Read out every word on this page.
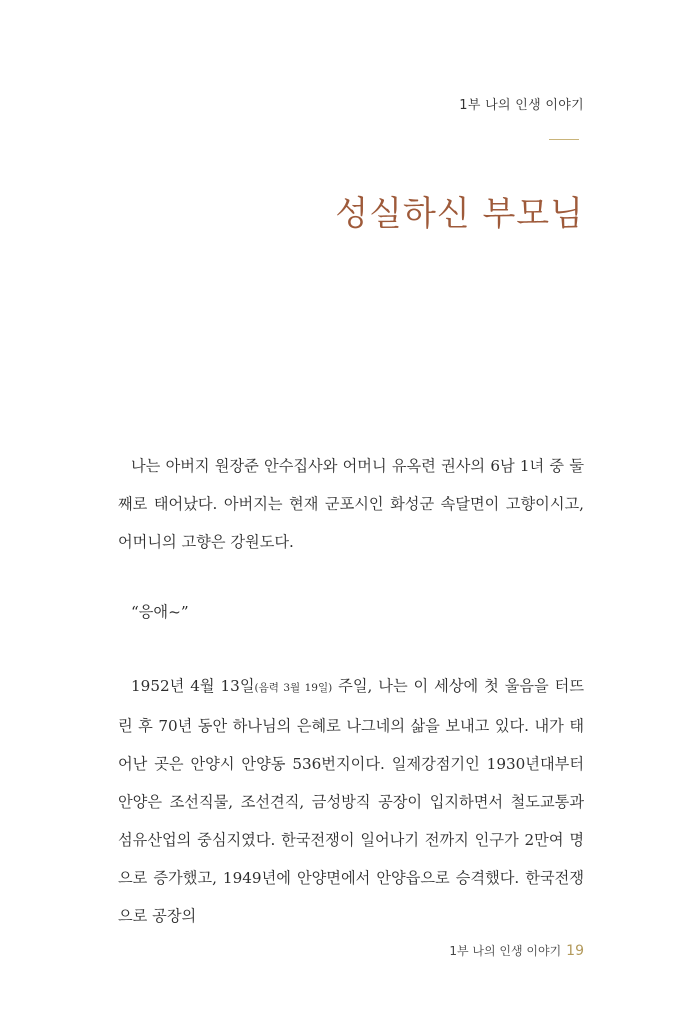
1부 나의 인생 이야기
성실하신 부모님

나는 아버지 원장준 안수집사와 어머니 유옥련 권사의 6남 1녀 중 둘째로 태어났다. 아버지는 현재 군포시인 화성군 속달면이 고향이시고, 어머니의 고향은 강원도다.

“응애~”

1952년 4월 13일(음력 3월 19일) 주일, 나는 이 세상에 첫 울음을 터뜨린 후 70년 동안 하나님의 은혜로 나그네의 삶을 보내고 있다. 내가 태어난 곳은 안양시 안양동 536번지이다. 일제강점기인 1930년대부터 안양은 조선직물, 조선견직, 금성방직 공장이 입지하면서 철도교통과 섬유산업의 중심지였다. 한국전쟁이 일어나기 전까지 인구가 2만여 명으로 증가했고, 1949년에 안양면에서 안양읍으로 승격했다. 한국전쟁으로 공장의

1부 나의 인생 이야기 19
